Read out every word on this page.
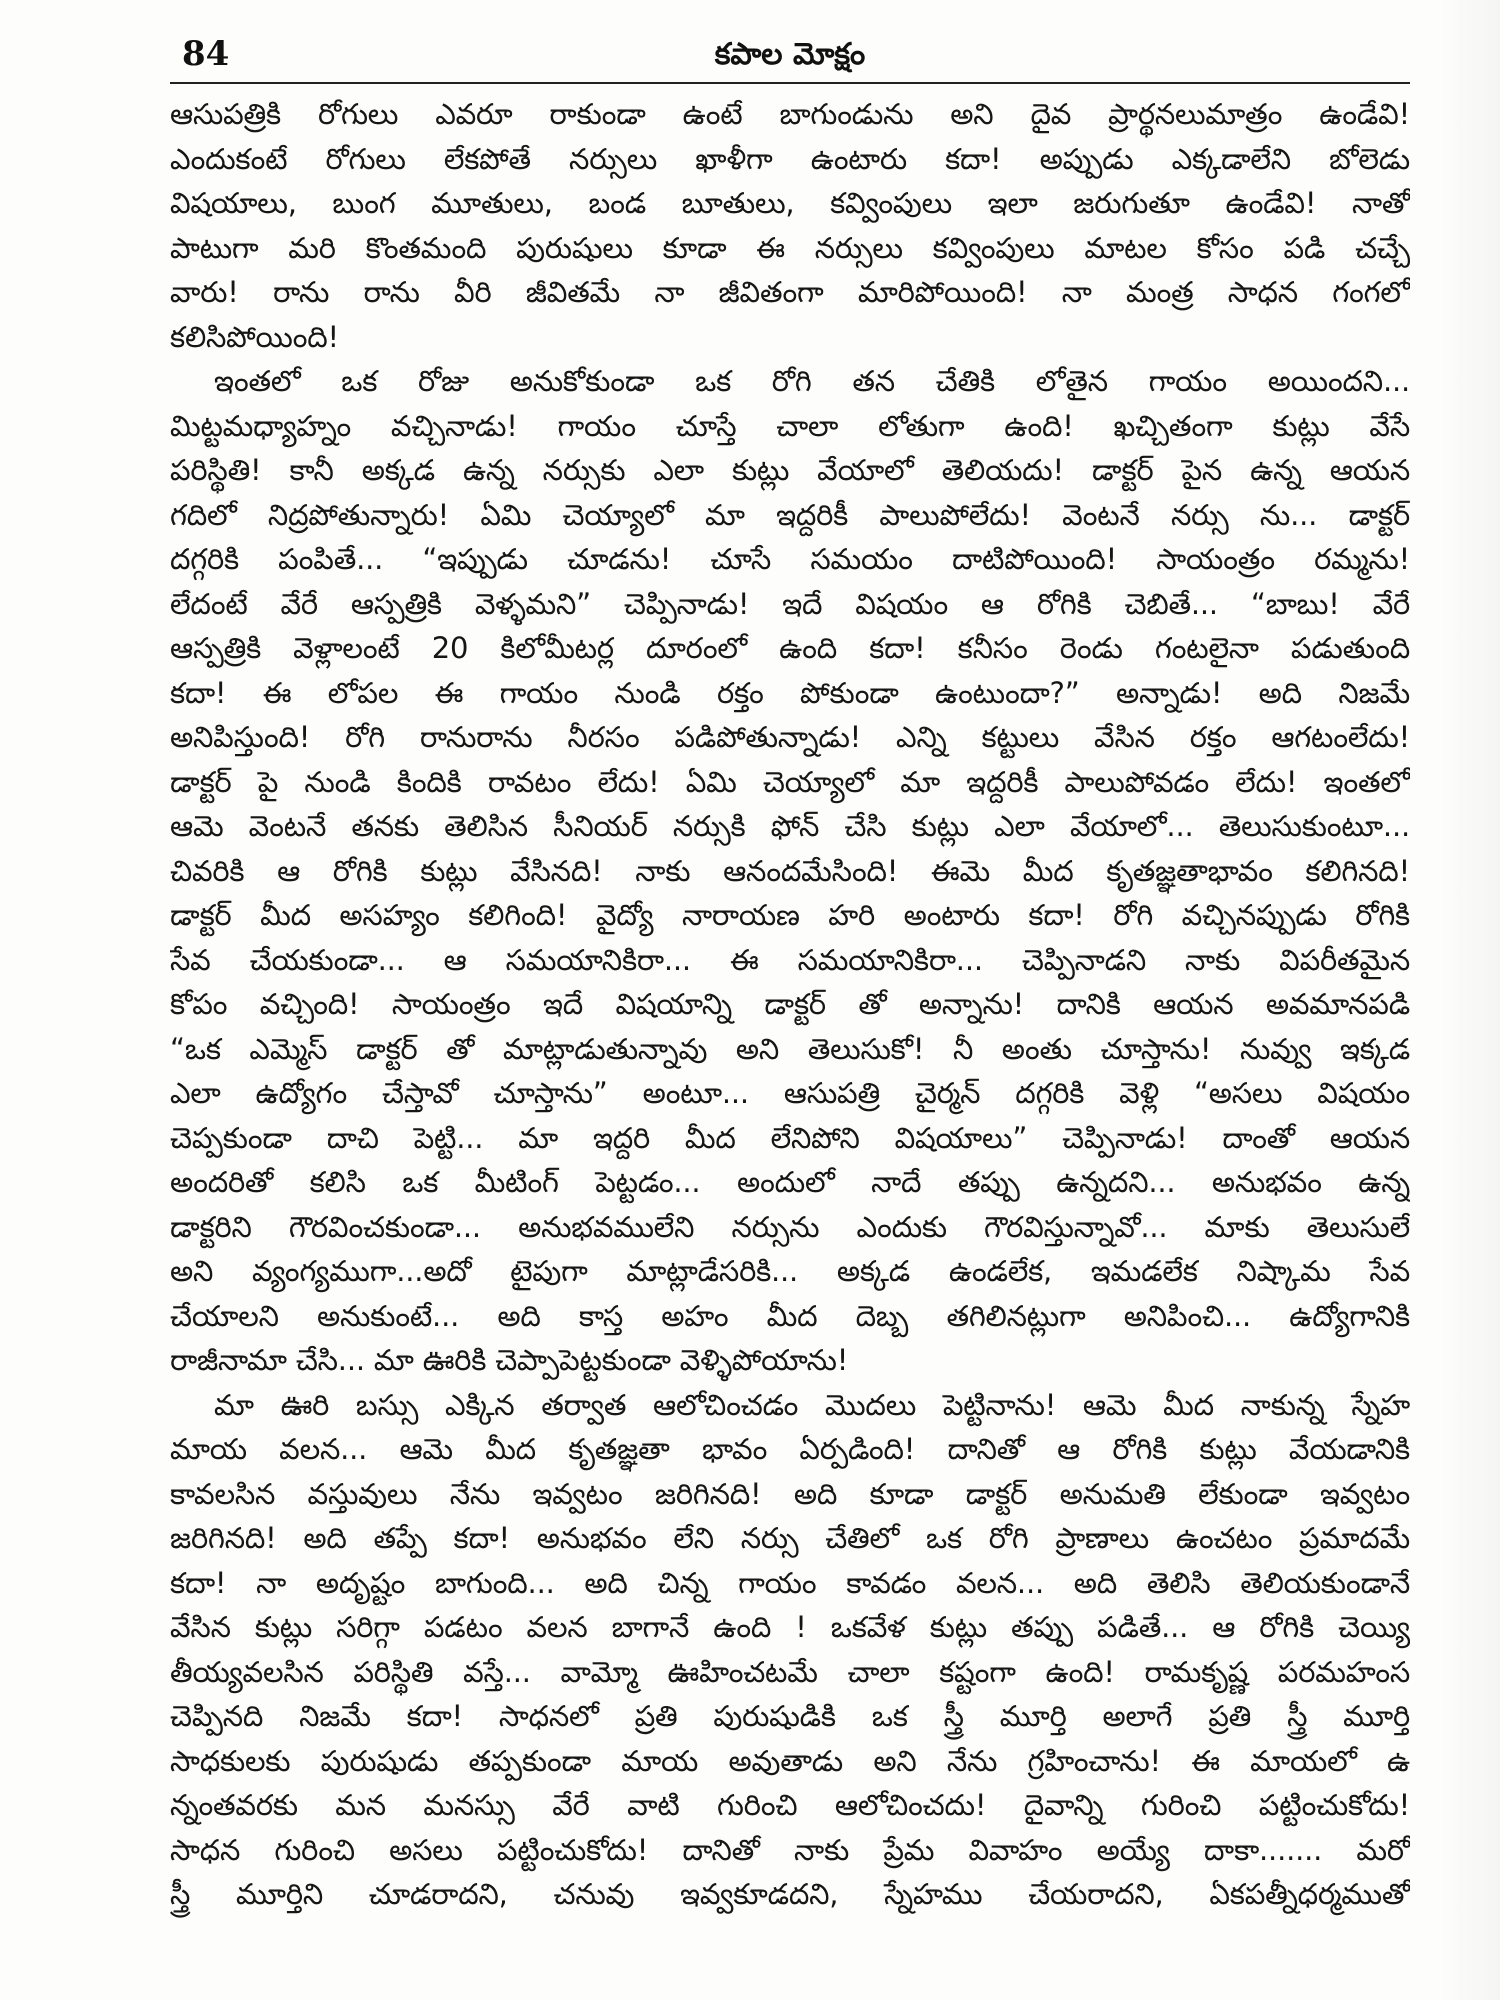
84	కపాల మోక్షం
ఆసుపత్రికి రోగులు ఎవరూ రాకుండా ఉంటే బాగుండును అని దైవ ప్రార్థనలుమాత్రం ఉండేవి!
ఎందుకంటే రోగులు లేకపోతే నర్సులు ఖాళీగా ఉంటారు కదా! అప్పుడు ఎక్కడాలేని బోలెడు
విషయాలు, బుంగ మూతులు, బండ బూతులు, కవ్వింపులు ఇలా జరుగుతూ ఉండేవి! నాతో
పాటుగా మరి కొంతమంది పురుషులు కూడా ఈ నర్సులు కవ్వింపులు మాటల కోసం పడి చచ్చే
వారు! రాను రాను వీరి జీవితమే నా జీవితంగా మారిపోయింది! నా మంత్ర సాధన గంగలో
కలిసిపోయింది!
ఇంతలో ఒక రోజు అనుకోకుండా ఒక రోగి తన చేతికి లోతైన గాయం అయిందని...
మిట్టమధ్యాహ్నం వచ్చినాడు! గాయం చూస్తే చాలా లోతుగా ఉంది! ఖచ్చితంగా కుట్లు వేసే
పరిస్థితి! కానీ అక్కడ ఉన్న నర్సుకు ఎలా కుట్లు వేయాలో తెలియదు! డాక్టర్ పైన ఉన్న ఆయన
గదిలో నిద్రపోతున్నారు! ఏమి చెయ్యాలో మా ఇద్దరికీ పాలుపోలేదు! వెంటనే నర్సు ను... డాక్టర్
దగ్గరికి పంపితే... “ఇప్పుడు చూడను! చూసే సమయం దాటిపోయింది! సాయంత్రం రమ్మను!
లేదంటే వేరే ఆస్పత్రికి వెళ్ళమని” చెప్పినాడు! ఇదే విషయం ఆ రోగికి చెబితే... “బాబు! వేరే
ఆస్పత్రికి వెళ్లాలంటే 20 కిలోమీటర్ల దూరంలో ఉంది కదా! కనీసం రెండు గంటలైనా పడుతుంది
కదా! ఈ లోపల ఈ గాయం నుండి రక్తం పోకుండా ఉంటుందా?” అన్నాడు! అది నిజమే
అనిపిస్తుంది! రోగి రానురాను నీరసం పడిపోతున్నాడు! ఎన్ని కట్టులు వేసిన రక్తం ఆగటంలేదు!
డాక్టర్ పై నుండి కిందికి రావటం లేదు! ఏమి చెయ్యాలో మా ఇద్దరికీ పాలుపోవడం లేదు! ఇంతలో
ఆమె వెంటనే తనకు తెలిసిన సీనియర్ నర్సుకి ఫోన్ చేసి కుట్లు ఎలా వేయాలో... తెలుసుకుంటూ...
చివరికి ఆ రోగికి కుట్లు వేసినది! నాకు ఆనందమేసింది! ఈమె మీద కృతజ్ఞతాభావం కలిగినది!
డాక్టర్ మీద అసహ్యం కలిగింది! వైద్యో నారాయణ హరి అంటారు కదా! రోగి వచ్చినప్పుడు రోగికి
సేవ చేయకుండా... ఆ సమయానికిరా... ఈ సమయానికిరా... చెప్పినాడని నాకు విపరీతమైన
కోపం వచ్చింది! సాయంత్రం ఇదే విషయాన్ని డాక్టర్ తో అన్నాను! దానికి ఆయన అవమానపడి
“ఒక ఎమ్మెస్ డాక్టర్ తో మాట్లాడుతున్నావు అని తెలుసుకో! నీ అంతు చూస్తాను! నువ్వు ఇక్కడ
ఎలా ఉద్యోగం చేస్తావో చూస్తాను” అంటూ... ఆసుపత్రి చైర్మన్ దగ్గరికి వెళ్లి “అసలు విషయం
చెప్పకుండా దాచి పెట్టి... మా ఇద్దరి మీద లేనిపోని విషయాలు” చెప్పినాడు! దాంతో ఆయన
అందరితో కలిసి ఒక మీటింగ్ పెట్టడం... అందులో నాదే తప్పు ఉన్నదని... అనుభవం ఉన్న
డాక్టరిని గౌరవించకుండా... అనుభవములేని నర్సును ఎందుకు గౌరవిస్తున్నావో... మాకు తెలుసులే
అని వ్యంగ్యముగా...అదో టైపుగా మాట్లాడేసరికి... అక్కడ ఉండలేక, ఇమడలేక నిష్కామ సేవ
చేయాలని అనుకుంటే... అది కాస్త అహం మీద దెబ్బ తగిలినట్లుగా అనిపించి... ఉద్యోగానికి
రాజీనామా చేసి... మా ఊరికి చెప్పాపెట్టకుండా వెళ్ళిపోయాను!
మా ఊరి బస్సు ఎక్కిన తర్వాత ఆలోచించడం మొదలు పెట్టినాను! ఆమె మీద నాకున్న స్నేహ
మాయ వలన... ఆమె మీద కృతజ్ఞతా భావం ఏర్పడింది! దానితో ఆ రోగికి కుట్లు వేయడానికి
కావలసిన వస్తువులు నేను ఇవ్వటం జరిగినది! అది కూడా డాక్టర్ అనుమతి లేకుండా ఇవ్వటం
జరిగినది! అది తప్పే కదా! అనుభవం లేని నర్సు చేతిలో ఒక రోగి ప్రాణాలు ఉంచటం ప్రమాదమే
కదా! నా అదృష్టం బాగుంది... అది చిన్న గాయం కావడం వలన... అది తెలిసి తెలియకుండానే
వేసిన కుట్లు సరిగ్గా పడటం వలన బాగానే ఉంది ! ఒకవేళ కుట్లు తప్పు పడితే... ఆ రోగికి చెయ్యి
తీయ్యవలసిన పరిస్థితి వస్తే... వామ్మో ఊహించటమే చాలా కష్టంగా ఉంది! రామకృష్ణ పరమహంస
చెప్పినది నిజమే కదా! సాధనలో ప్రతి పురుషుడికి ఒక స్త్రీ మూర్తి అలాగే ప్రతి స్త్రీ మూర్తి
సాధకులకు పురుషుడు తప్పకుండా మాయ అవుతాడు అని నేను గ్రహించాను! ఈ మాయలో ఉ
న్నంతవరకు మన మనస్సు వేరే వాటి గురించి ఆలోచించదు! దైవాన్ని గురించి పట్టించుకోదు!
సాధన గురించి అసలు పట్టించుకోదు! దానితో నాకు ప్రేమ వివాహం అయ్యే దాకా....... మరో
స్త్రీ మూర్తిని చూడరాదని, చనువు ఇవ్వకూడదని, స్నేహము చేయరాదని, ఏకపత్నీధర్మముతో
